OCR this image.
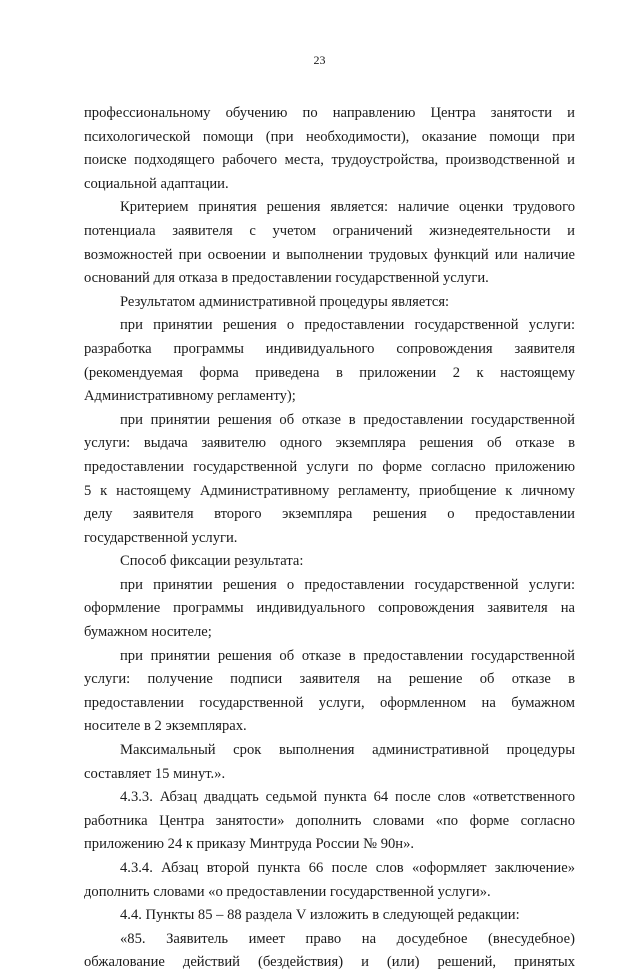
23

профессиональному обучению по направлению Центра занятости и
психологической помощи (при необходимости), оказание помощи при
поиске подходящего рабочего места, трудоустройства, производственной и
социальной адаптации.

Критерием принятия решения является: наличие оценки трудового
потенциала заявителя с учетом ограничений жизнедеятельности и
возможностей при освоении и выполнении трудовых функций или наличие
оснований для отказа в предоставлении государственной услуги.

Результатом административной процедуры является:

при принятии решения о предоставлении государственной услуги:
разработка программы индивидуального сопровождения заявителя
(рекомендуемая форма приведена в приложении 2 к настоящему
Административному регламенту);

при принятии решения об отказе в предоставлении государственной
услуги: выдача заявителю одного экземпляра решения об отказе в
предоставлении государственной услуги по форме согласно приложению
5 к настоящему Административному регламенту, приобщение к личному
делу заявителя второго экземпляра решения о предоставлении
государственной услуги.

Способ фиксации результата:

при принятии решения о предоставлении государственной услуги:
оформление программы индивидуального сопровождения заявителя на
бумажном носителе;

при принятии решения об отказе в предоставлении государственной
услуги: получение подписи заявителя на решение об отказе в
предоставлении государственной услуги, оформленном на бумажном
носителе в 2 экземплярах.

Максимальный срок выполнения административной процедуры
составляет 15 минут.».

4.3.3. Абзац двадцать седьмой пункта 64 после слов «ответственного
работника Центра занятости» дополнить словами «по форме согласно
приложению 24 к приказу Минтруда России № 90н».

4.3.4. Абзац второй пункта 66 после слов «оформляет заключение»
дополнить словами «о предоставлении государственной услуги».

4.4. Пункты 85 – 88 раздела V изложить в следующей редакции:

«85. Заявитель имеет право на досудебное (внесудебное)
обжалование действий (бездействия) и (или) решений, принятых
